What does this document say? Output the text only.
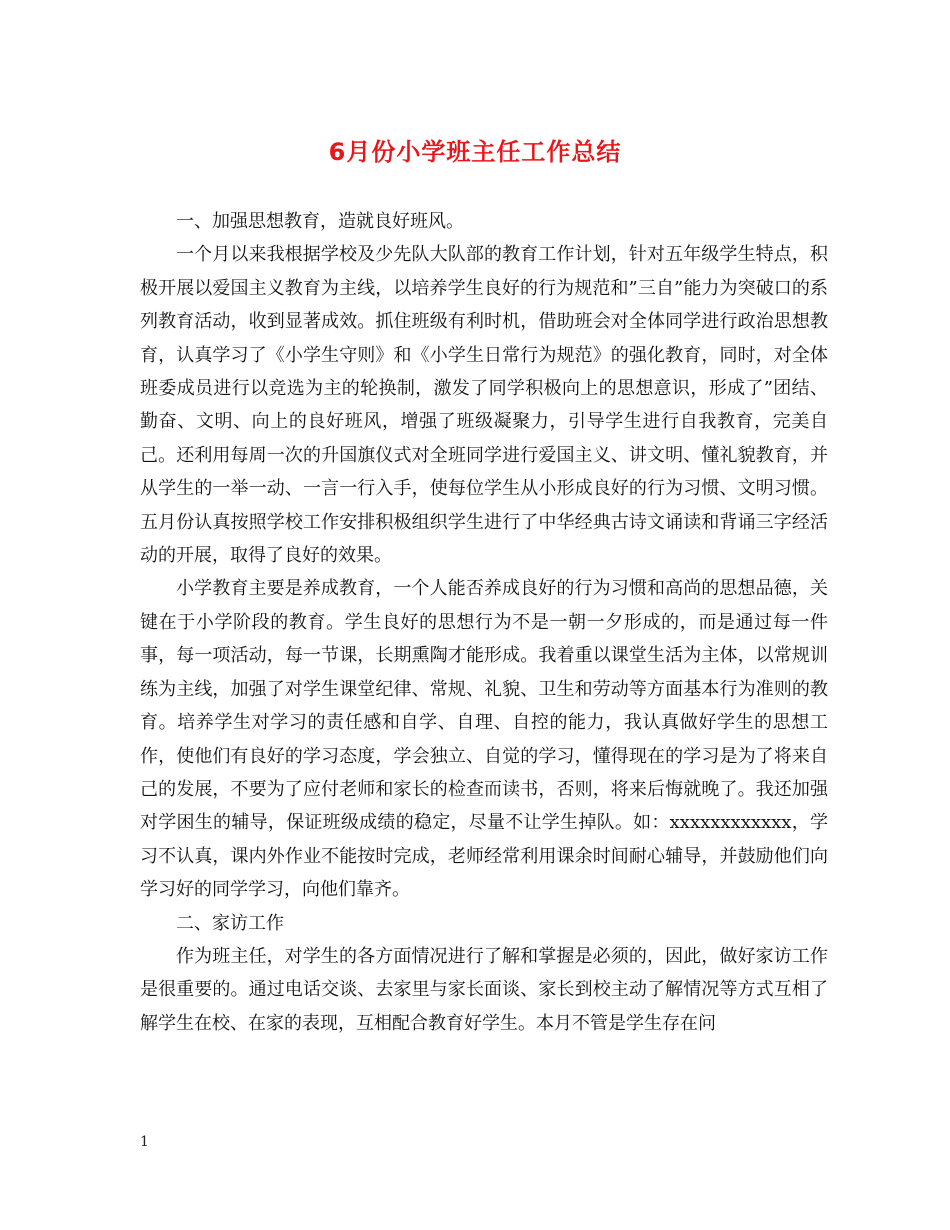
6月份小学班主任工作总结

一、加强思想教育，造就良好班风。

一个月以来我根据学校及少先队大队部的教育工作计划，针对五年级学生特点，积极开展以爱国主义教育为主线，以培养学生良好的行为规范和”三自”能力为突破口的系列教育活动，收到显著成效。抓住班级有利时机，借助班会对全体同学进行政治思想教育，认真学习了《小学生守则》和《小学生日常行为规范》的强化教育，同时，对全体班委成员进行以竞选为主的轮换制，激发了同学积极向上的思想意识，形成了”团结、勤奋、文明、向上的良好班风，增强了班级凝聚力，引导学生进行自我教育，完美自己。还利用每周一次的升国旗仪式对全班同学进行爱国主义、讲文明、懂礼貌教育，并从学生的一举一动、一言一行入手，使每位学生从小形成良好的行为习惯、文明习惯。五月份认真按照学校工作安排积极组织学生进行了中华经典古诗文诵读和背诵三字经活动的开展，取得了良好的效果。

小学教育主要是养成教育，一个人能否养成良好的行为习惯和高尚的思想品德，关键在于小学阶段的教育。学生良好的思想行为不是一朝一夕形成的，而是通过每一件事，每一项活动，每一节课，长期熏陶才能形成。我着重以课堂生活为主体，以常规训练为主线，加强了对学生课堂纪律、常规、礼貌、卫生和劳动等方面基本行为准则的教育。培养学生对学习的责任感和自学、自理、自控的能力，我认真做好学生的思想工作，使他们有良好的学习态度，学会独立、自觉的学习，懂得现在的学习是为了将来自己的发展，不要为了应付老师和家长的检查而读书，否则，将来后悔就晚了。我还加强对学困生的辅导，保证班级成绩的稳定，尽量不让学生掉队。如：xxxxxxxxxxxx，学习不认真，课内外作业不能按时完成，老师经常利用课余时间耐心辅导，并鼓励他们向学习好的同学学习，向他们靠齐。

二、家访工作

作为班主任，对学生的各方面情况进行了解和掌握是必须的，因此，做好家访工作是很重要的。通过电话交谈、去家里与家长面谈、家长到校主动了解情况等方式互相了解学生在校、在家的表现，互相配合教育好学生。本月不管是学生存在问

1
